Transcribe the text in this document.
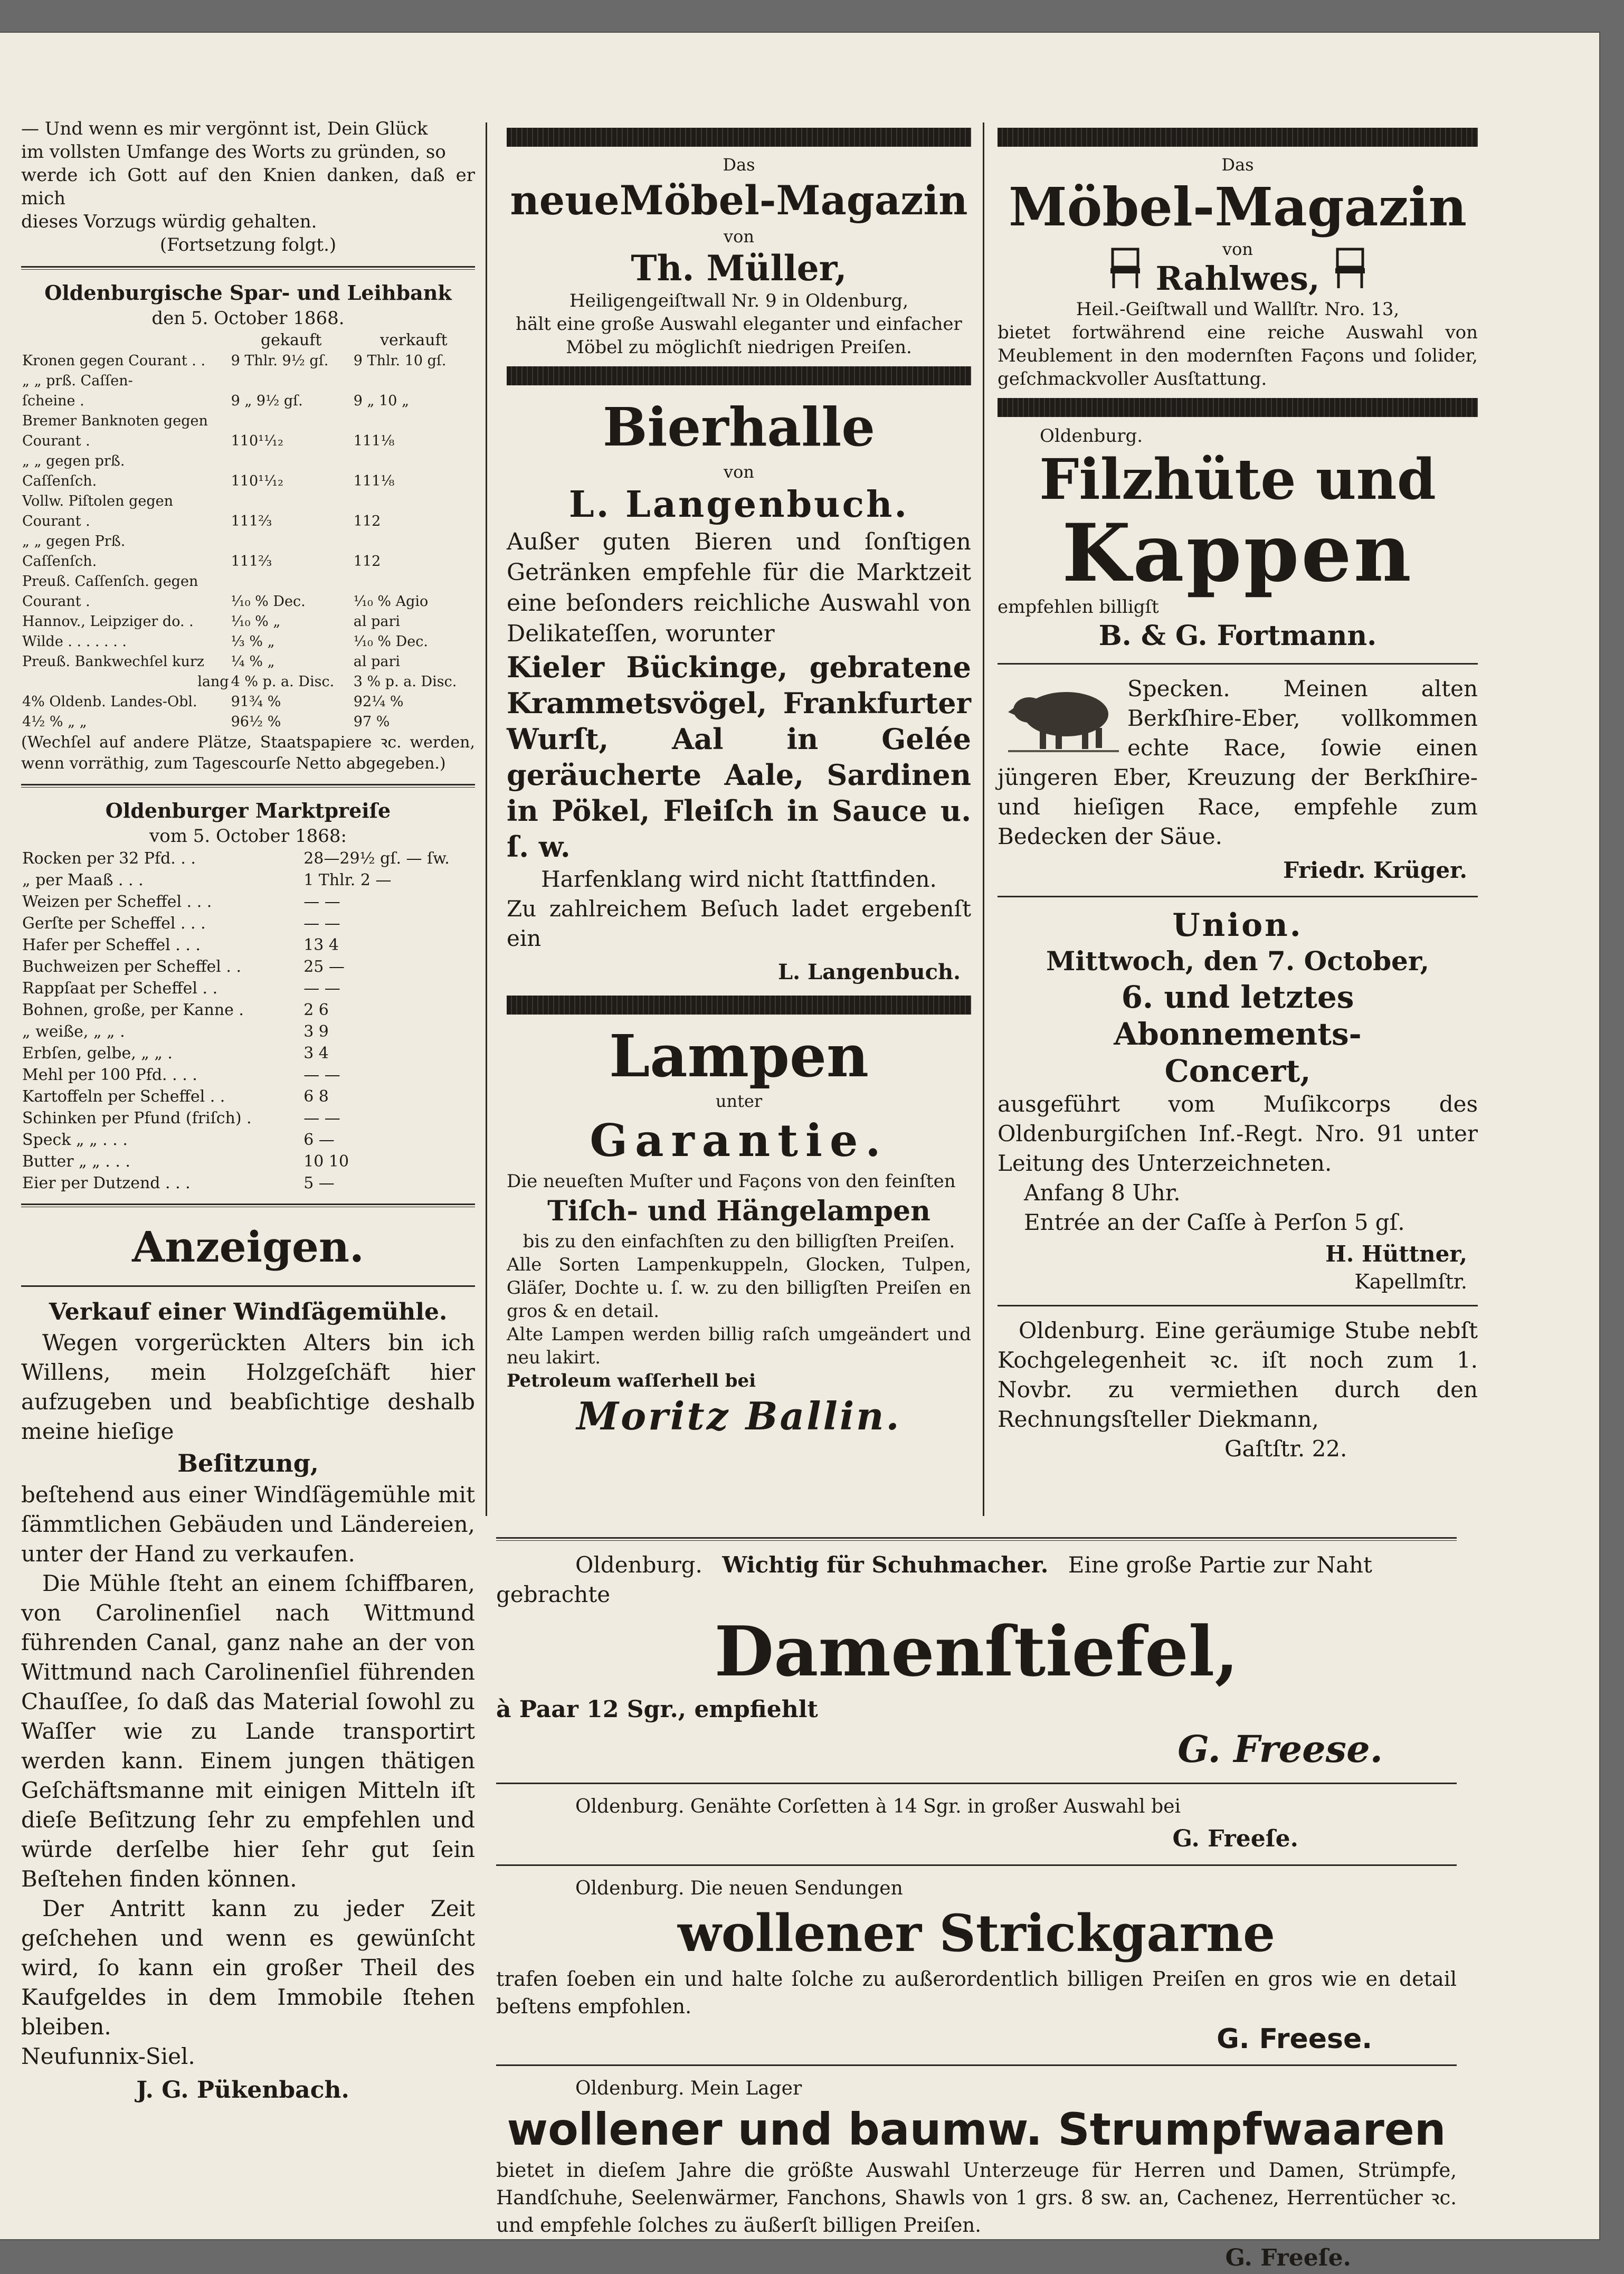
— Und wenn es mir vergönnt ist, Dein Glück

im vollsten Umfange des Worts zu gründen, so

werde ich Gott auf den Knien danken, daß er mich

dieses Vorzugs würdig gehalten.

(Fortsetzung folgt.)

Oldenburgische Spar- und Leihbank

den 5. October 1868.

	gekauft	verkauft
Kronen gegen Courant . .	9 Thlr. 9½ gſ.	9 Thlr. 10 gſ.
„ „ prß. Caſſen-		
ſcheine .	9 „ 9½ gſ.	9 „ 10 „
Bremer Banknoten gegen		
Courant .	110¹¹⁄₁₂	111¹⁄₈
„ „ gegen prß.		
Caſſenſch.	110¹¹⁄₁₂	111¹⁄₈
Vollw. Piſtolen gegen		
Courant .	111²⁄₃	112
„ „ gegen Prß.		
Caſſenſch.	111²⁄₃	112
Preuß. Caſſenſch. gegen		
Courant .	¹⁄₁₀ % Dec.	¹⁄₁₀ % Agio
Hannov., Leipziger do. .	¹⁄₁₀ % „	al pari
Wilde . . . . . . .	¹⁄₃ % „	¹⁄₁₀ % Dec.
Preuß. Bankwechſel kurz	¹⁄₄ % „	al pari
lang	4 % p. a. Disc.	3 % p. a. Disc.
4% Oldenb. Landes-Obl.	91³⁄₄ %	92¹⁄₄ %
4½ % „ „	96¹⁄₂ %	97 %

(Wechſel auf andere Plätze, Staatspapiere ꝛc. werden, wenn vorräthig, zum Tagescourſe Netto abgegeben.)

Oldenburger Marktpreiſe

vom 5. October 1868:

Rocken per 32 Pfd. . .	28—29½ gſ. — ſw.
„ per Maaß . . .	1 Thlr. 2 —
Weizen per Scheffel . . .	— —
Gerſte per Scheffel . . .	— —
Hafer per Scheffel . . .	13 4
Buchweizen per Scheffel . .	25 —
Rappſaat per Scheffel . .	— —
Bohnen, große, per Kanne .	2 6
„ weiße, „ „ .	3 9
Erbſen, gelbe, „ „ .	3 4
Mehl per 100 Pfd. . . .	— —
Kartoffeln per Scheffel . .	6 8
Schinken per Pfund (friſch) .	— —
Speck „ „ . . .	6 —
Butter „ „ . . .	10 10
Eier per Dutzend . . .	5 —

Anzeigen.

Verkauf einer Windſägemühle.

Wegen vorgerückten Alters bin ich Willens, mein Holzgeſchäft hier aufzugeben und beabſichtige deshalb meine hieſige

Beſitzung,

beſtehend aus einer Windſägemühle mit ſämmtlichen Gebäuden und Ländereien, unter der Hand zu verkaufen.

Die Mühle ſteht an einem ſchiffbaren, von Carolinenſiel nach Wittmund führenden Canal, ganz nahe an der von Wittmund nach Carolinenſiel führenden Chauſſee, ſo daß das Material ſowohl zu Waſſer wie zu Lande transportirt werden kann. Einem jungen thätigen Geſchäftsmanne mit einigen Mitteln iſt dieſe Beſitzung ſehr zu empfehlen und würde derſelbe hier ſehr gut ſein Beſtehen finden können.

Der Antritt kann zu jeder Zeit geſchehen und wenn es gewünſcht wird, ſo kann ein großer Theil des Kaufgeldes in dem Immobile ſtehen bleiben.

Neufunnix-Siel.

J. G. Pükenbach.

Das

neueMöbel-Magazin

von

Th. Müller,

Heiligengeiſtwall Nr. 9 in Oldenburg,

hält eine große Auswahl eleganter und einfacher Möbel zu möglichſt niedrigen Preiſen.

Bierhalle

von

L. Langenbuch.

Außer guten Bieren und ſonſtigen Getränken empfehle für die Marktzeit eine beſonders reichliche Auswahl von Delikateſſen, worunter

Kieler Bückinge, gebratene Krammetsvögel, Frankfurter Wurſt, Aal in Gelée geräucherte Aale, Sardinen in Pökel, Fleiſch in Sauce u. ſ. w.

Harfenklang wird nicht ſtattfinden.

Zu zahlreichem Beſuch ladet ergebenſt ein

L. Langenbuch.

Lampen

unter

Garantie.

Die neueſten Muſter und Façons von den feinſten

Tiſch- und Hängelampen

bis zu den einfachſten zu den billigſten Preiſen.

Alle Sorten Lampenkuppeln, Glocken, Tulpen, Gläſer, Dochte u. ſ. w. zu den billigſten Preiſen en gros & en detail.

Alte Lampen werden billig raſch umgeändert und neu lakirt.

Petroleum waſſerhell bei

Moritz Ballin.

Das

Möbel-Magazin

von
Rahlwes,

Heil.-Geiſtwall und Wallſtr. Nro. 13,

bietet fortwährend eine reiche Auswahl von Meublement in den modernſten Façons und ſolider, geſchmackvoller Ausſtattung.

Oldenburg.

Filzhüte und

Kappen

empfehlen billigſt

B. & G. Fortmann.

Specken. Meinen alten Berkſhire-Eber, vollkommen echte Race, ſowie einen jüngeren Eber, Kreuzung der Berkſhire- und hieſigen Race, empfehle zum Bedecken der Säue.

Friedr. Krüger.

Union.

Mittwoch, den 7. October,

6. und letztes Abonnements-

Concert,

ausgeführt vom Muſikcorps des Oldenburgiſchen Inf.-Regt. Nro. 91 unter Leitung des Unterzeichneten.

Anfang 8 Uhr.

Entrée an der Caſſe à Perſon 5 gſ.

H. Hüttner,

Kapellmſtr.

Oldenburg. Eine geräumige Stube nebſt Kochgelegenheit ꝛc. iſt noch zum 1. Novbr. zu vermiethen durch den Rechnungsſteller Diekmann,

Gaſtſtr. 22.

Oldenburg. Wichtig für Schuhmacher. Eine große Partie zur Naht gebrachte

Damenſtiefel,

à Paar 12 Sgr., empfiehlt

G. Freese.

Oldenburg. Genähte Corſetten à 14 Sgr. in großer Auswahl bei

G. Freeſe.

Oldenburg. Die neuen Sendungen

wollener Strickgarne

trafen ſoeben ein und halte ſolche zu außerordentlich billigen Preiſen en gros wie en detail beſtens empfohlen.

G. Freese.

Oldenburg. Mein Lager

wollener und baumw. Strumpfwaaren

bietet in dieſem Jahre die größte Auswahl Unterzeuge für Herren und Damen, Strümpfe, Handſchuhe, Seelenwärmer, Fanchons, Shawls von 1 grs. 8 sw. an, Cachenez, Herrentücher ꝛc. und empfehle ſolches zu äußerſt billigen Preiſen.

G. Freeſe.
